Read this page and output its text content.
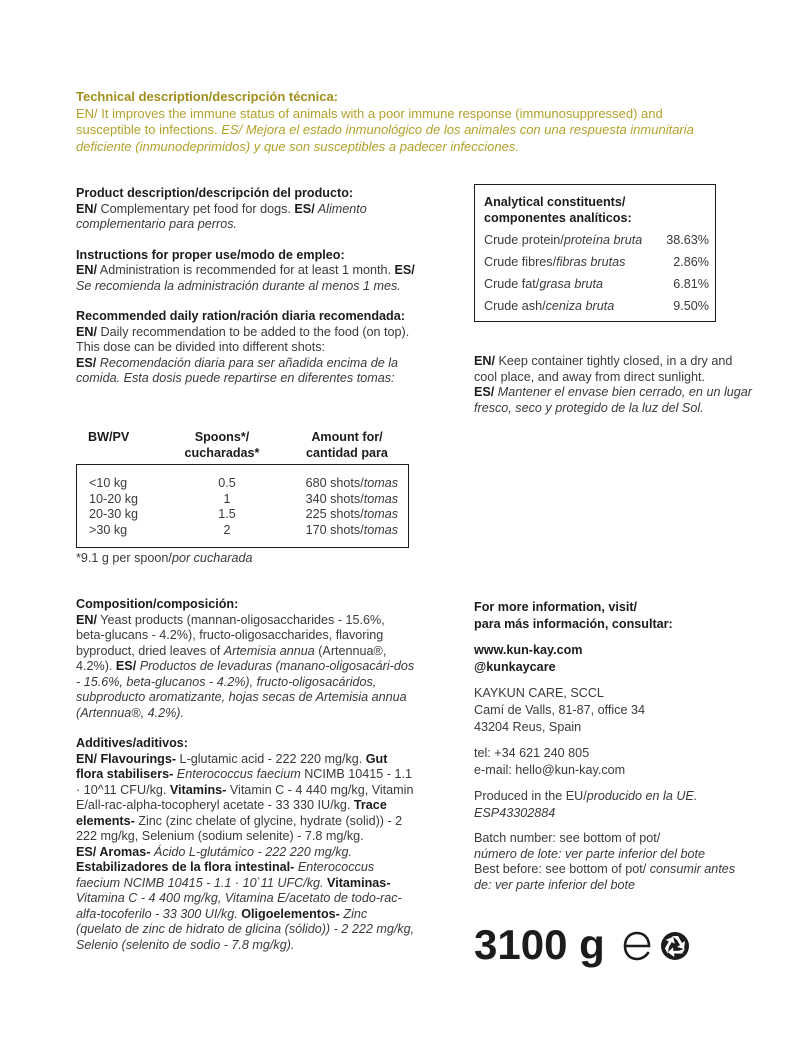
Technical description/descripción técnica:

EN/ It improves the immune status of animals with a poor immune response (immunosuppressed) and susceptible to infections. ES/ Mejora el estado inmunológico de los animales con una respuesta inmunitaria deficiente (inmunodeprimidos) y que son susceptibles a padecer infecciones.

Product description/descripción del producto:

EN/ Complementary pet food for dogs. ES/ Alimento complementario para perros.

Instructions for proper use/modo de empleo:

EN/ Administration is recommended for at least 1 month. ES/ Se recomienda la administración durante al menos 1 mes.

Recommended daily ration/ración diaria recomendada:

EN/ Daily recommendation to be added to the food (on top). This dose can be divided into different shots:

ES/ Recomendación diaria para ser añadida encima de la comida. Esta dosis puede repartirse en diferentes tomas:

BW/PV	Spoons*/
cucharadas*
Amount for/
cantidad para
<10 kg	0.5	680 shots/tomas
10-20 kg	1	340 shots/tomas
20-30 kg	1.5	225 shots/tomas
>30 kg	2	170 shots/tomas
*9.1 g per spoon/por cucharada

Composition/composición:

EN/ Yeast products (mannan-oligosaccharides - 15.6%, beta-glucans - 4.2%), fructo-oligosaccharides, flavoring byproduct, dried leaves of Artemisia annua (Artennua®, 4.2%). ES/ Productos de levaduras (manano-oligosacári-dos - 15.6%, beta-glucanos - 4.2%), fructo-oligosacáridos, subproducto aromatizante, hojas secas de Artemisia annua (Artennua®, 4.2%).

Additives/aditivos:

EN/ Flavourings- L-glutamic acid - 222 220 mg/kg. Gut flora stabilisers- Enterococcus faecium NCIMB 10415 - 1.1 · 10^11 CFU/kg. Vitamins- Vitamin C - 4 440 mg/kg, Vitamin E/all-rac-alpha-tocopheryl acetate - 33 330 IU/kg. Trace elements- Zinc (zinc chelate of glycine, hydrate (solid)) - 2 222 mg/kg, Selenium (sodium selenite) - 7.8 mg/kg.

ES/ Aromas- Ácido L-glutámico - 222 220 mg/kg. Estabilizadores de la flora intestinal- Enterococcus faecium NCIMB 10415 - 1.1 · 10`11 UFC/kg. Vitaminas- Vitamina C - 4 400 mg/kg, Vitamina E/acetato de todo-rac-alfa-tocoferilo - 33 300 UI/kg. Oligoelementos- Zinc (quelato de zinc de hidrato de glicina (sólido)) - 2 222 mg/kg, Selenio (selenito de sodio - 7.8 mg/kg).

Analytical constituents/
componentes analíticos:
Crude protein/proteína bruta 38.63%
Crude fibres/fibras brutas	2.86%
Crude fat/grasa bruta	6.81%
Crude ash/ceniza bruta	9.50%

EN/ Keep container tightly closed, in a dry and cool place, and away from direct sunlight.

ES/ Mantener el envase bien cerrado, en un lugar fresco, seco y protegido de la luz del Sol.

For more information, visit/
para más información, consultar:
www.kun-kay.com
@kunkaycare
KAYKUN CARE, SCCL
Camí de Valls, 81-87, office 34
43204 Reus, Spain
tel: +34 621 240 805
e-mail: hello@kun-kay.com
Produced in the EU/producido en la UE.
ESP43302884
Batch number: see bottom of pot/
número de lote: ver parte inferior del bote
Best before: see bottom of pot/ consumir antes de: ver parte inferior del bote
3100 g
